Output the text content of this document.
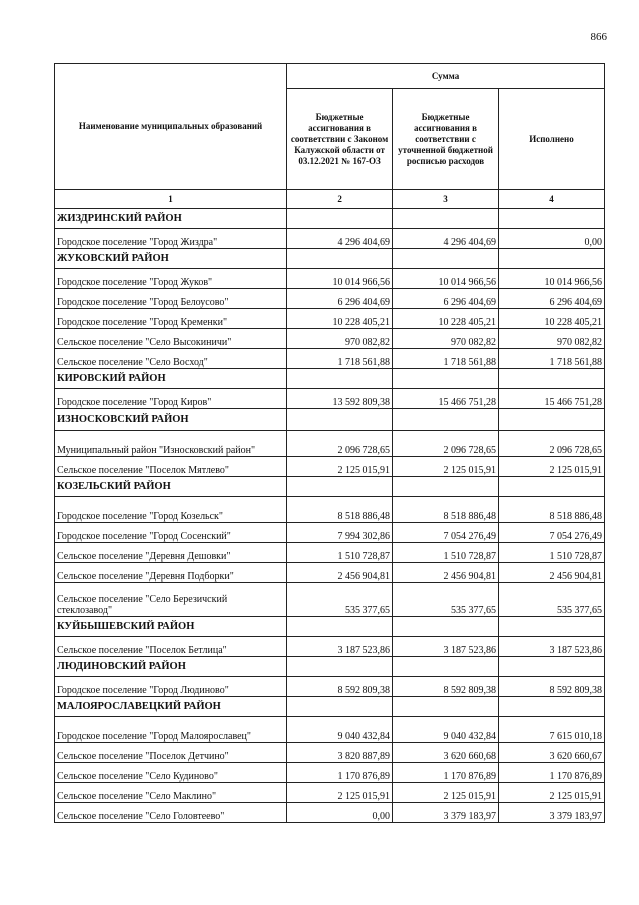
866
Наименование муниципальных образований	Сумма		
	Бюджетные ассигнования в соответствии с Законом Калужской области от 03.12.2021 № 167-ОЗ	Бюджетные ассигнования в соответствии с уточненной бюджетной росписью расходов	Исполнено
1	2	3	4
ЖИЗДРИНСКИЙ РАЙОН			
Городское поселение "Город Жиздра"	4 296 404,69	4 296 404,69	0,00
ЖУКОВСКИЙ РАЙОН			
Городское поселение "Город Жуков"	10 014 966,56	10 014 966,56	10 014 966,56
Городское поселение "Город Белоусово"	6 296 404,69	6 296 404,69	6 296 404,69
Городское поселение "Город Кременки"	10 228 405,21	10 228 405,21	10 228 405,21
Сельское поселение "Село Высокиничи"	970 082,82	970 082,82	970 082,82
Сельское поселение "Село Восход"	1 718 561,88	1 718 561,88	1 718 561,88
КИРОВСКИЙ РАЙОН			
Городское поселение "Город Киров"	13 592 809,38	15 466 751,28	15 466 751,28
ИЗНОСКОВСКИЙ РАЙОН			
Муниципальный район "Износковский район"	2 096 728,65	2 096 728,65	2 096 728,65
Сельское поселение "Поселок Мятлево"	2 125 015,91	2 125 015,91	2 125 015,91
КОЗЕЛЬСКИЙ РАЙОН			
Городское поселение "Город Козельск"	8 518 886,48	8 518 886,48	8 518 886,48
Городское поселение "Город Сосенский"	7 994 302,86	7 054 276,49	7 054 276,49
Сельское поселение "Деревня Дешовки"	1 510 728,87	1 510 728,87	1 510 728,87
Сельское поселение "Деревня Подборки"	2 456 904,81	2 456 904,81	2 456 904,81
Сельское поселение "Село Березичский стеклозавод"	535 377,65	535 377,65	535 377,65
КУЙБЫШЕВСКИЙ РАЙОН			
Сельское поселение "Поселок Бетлица"	3 187 523,86	3 187 523,86	3 187 523,86
ЛЮДИНОВСКИЙ РАЙОН			
Городское поселение "Город Людиново"	8 592 809,38	8 592 809,38	8 592 809,38
МАЛОЯРОСЛАВЕЦКИЙ РАЙОН			
Городское поселение "Город Малоярославец"	9 040 432,84	9 040 432,84	7 615 010,18
Сельское поселение "Поселок Детчино"	3 820 887,89	3 620 660,68	3 620 660,67
Сельское поселение "Село Кудиново"	1 170 876,89	1 170 876,89	1 170 876,89
Сельское поселение "Село Маклино"	2 125 015,91	2 125 015,91	2 125 015,91
Сельское поселение "Село Головтеево"	0,00	3 379 183,97	3 379 183,97
